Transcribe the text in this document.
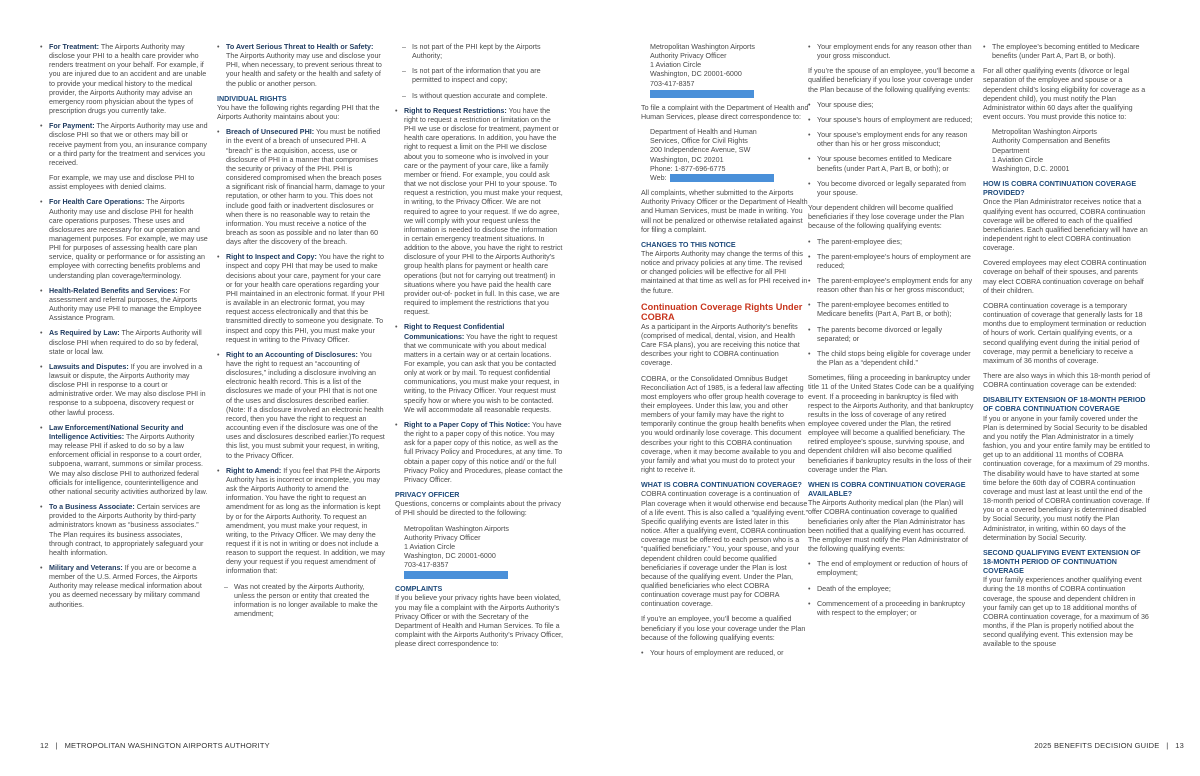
• For Treatment: The Airports Authority may disclose your PHI to a health care provider who renders treatment on your behalf. For example, if you are injured due to an accident and are unable to provide your medical history to the medical provider, the Airports Authority may advise an emergency room physician about the types of prescription drugs you currently take.
• For Payment: The Airports Authority may use and disclose PHI so that we or others may bill or receive payment from you, an insurance company or a third party for the treatment and services you received.

For example, we may use and disclose PHI to assist employees with denied claims.

• For Health Care Operations: The Airports Authority may use and disclose PHI for health care operations purposes. These uses and disclosures are necessary for our operation and management purposes. For example, we may use PHI for purposes of assessing health care plan service, quality or performance or for assisting an employee with correcting benefits problems and understanding plan coverage/terminology.
• Health-Related Benefits and Services: For assessment and referral purposes, the Airports Authority may use PHI to manage the Employee Assistance Program.
• As Required by Law: The Airports Authority will disclose PHI when required to do so by federal, state or local law.
• Lawsuits and Disputes: If you are involved in a lawsuit or dispute, the Airports Authority may disclose PHI in response to a court or administrative order. We may also disclose PHI in response to a subpoena, discovery request or other lawful process.
• Law Enforcement/National Security and Intelligence Activities: The Airports Authority may release PHI if asked to do so by a law enforcement official in response to a court order, subpoena, warrant, summons or similar process. We may also disclose PHI to authorized federal officials for intelligence, counterintelligence and other national security activities authorized by law.
• To a Business Associate: Certain services are provided to the Airports Authority by third-party administrators known as “business associates.” The Plan requires its business associates, through contract, to appropriately safeguard your health information.
• Military and Veterans: If you are or become a member of the U.S. Armed Forces, the Airports Authority may release medical information about you as deemed necessary by military command authorities.
• To Avert Serious Threat to Health or Safety: The Airports Authority may use and disclose your PHI, when necessary, to prevent serious threat to your health and safety or the health and safety of the public or another person.
INDIVIDUAL RIGHTS

You have the following rights regarding PHI that the Airports Authority maintains about you:

• Breach of Unsecured PHI: You must be notified in the event of a breach of unsecured PHI. A “breach” is the acquisition, access, use or disclosure of PHI in a manner that compromises the security or privacy of the PHI. PHI is considered compromised when the breach poses a significant risk of financial harm, damage to your reputation, or other harm to you. This does not include good faith or inadvertent disclosures or when there is no reasonable way to retain the information. You must receive a notice of the breach as soon as possible and no later than 60 days after the discovery of the breach.
• Right to Inspect and Copy: You have the right to inspect and copy PHI that may be used to make decisions about your care, payment for your care or for your health care operations regarding your PHI maintained in an electronic format. If your PHI is available in an electronic format, you may request access electronically and that this be transmitted directly to someone you designate. To inspect and copy this PHI, you must make your request in writing to the Privacy Officer.
• Right to an Accounting of Disclosures: You have the right to request an “accounting of disclosures,” including a disclosure involving an electronic health record. This is a list of the disclosures we made of your PHI that is not one of the uses and disclosures described earlier. (Note: If a disclosure involved an electronic health record, then you have the right to request an accounting even if the disclosure was one of the uses and disclosures described earlier.)To request this list, you must submit your request, in writing, to the Privacy Officer.
• Right to Amend: If you feel that PHI the Airports Authority has is incorrect or incomplete, you may ask the Airports Authority to amend the information. You have the right to request an amendment for as long as the information is kept by or for the Airports Authority. To request an amendment, you must make your request, in writing, to the Privacy Officer. We may deny the request if it is not in writing or does not include a reason to support the request. In addition, we may deny your request if you request amendment of information that:
– Was not created by the Airports Authority, unless the person or entity that created the information is no longer available to make the amendment;
– Is not part of the PHI kept by the Airports Authority;
– Is not part of the information that you are permitted to inspect and copy;
– Is without question accurate and complete.
• Right to Request Restrictions: You have the right to request a restriction or limitation on the PHI we use or disclose for treatment, payment or health care operations. In addition, you have the right to request a limit on the PHI we disclose about you to someone who is involved in your care or the payment of your care, like a family member or friend. For example, you could ask that we not disclose your PHI to your spouse. To request a restriction, you must make your request, in writing, to the Privacy Officer. We are not required to agree to your request. If we do agree, we will comply with your request unless the information is needed to disclose the information in certain emergency treatment situations. In addition to the above, you have the right to restrict disclosure of your PHI to the Airports Authority’s group health plans for payment or health care operations (but not for carrying out treatment) in situations where you have paid the health care provider out-of- pocket in full. In this case, we are required to implement the restrictions that you request.
• Right to Request Confidential Communications: You have the right to request that we communicate with you about medical matters in a certain way or at certain locations. For example, you can ask that you be contacted only at work or by mail. To request confidential communications, you must make your request, in writing, to the Privacy Officer. Your request must specify how or where you wish to be contacted. We will accommodate all reasonable requests.
• Right to a Paper Copy of This Notice: You have the right to a paper copy of this notice. You may ask for a paper copy of this notice, as well as the full Privacy Policy and Procedures, at any time. To obtain a paper copy of this notice and/ or the full Privacy Policy and Procedures, please contact the Privacy Officer.
PRIVACY OFFICER

Questions, concerns or complaints about the privacy of PHI should be directed to the following:

Metropolitan Washington Airports
Authority Privacy Officer
1 Aviation Circle
Washington, DC 20001-6000
703-417-8357
COMPLAINTS

If you believe your privacy rights have been violated, you may file a complaint with the Airports Authority’s Privacy Officer or with the Secretary of the Department of Health and Human Services. To file a complaint with the Airports Authority’s Privacy Officer, please direct correspondence to:

Metropolitan Washington Airports
Authority Privacy Officer
1 Aviation Circle
Washington, DC 20001-6000
703-417-8357

To file a complaint with the Department of Health and Human Services, please direct correspondence to:

Department of Health and Human
Services, Office for Civil Rights
200 Independence Avenue, SW
Washington, DC 20201
Phone: 1-877-696-6775
Web:

All complaints, whether submitted to the Airports Authority Privacy Officer or the Department of Health and Human Services, must be made in writing. You will not be penalized or otherwise retaliated against for filing a complaint.

CHANGES TO THIS NOTICE

The Airports Authority may change the terms of this notice and privacy policies at any time. The revised or changed policies will be effective for all PHI maintained at that time as well as for PHI received in the future.

Continuation Coverage Rights Under COBRA

As a participant in the Airports Authority’s benefits (comprised of medical, dental, vision, and Health Care FSA plans), you are receiving this notice that describes your right to COBRA continuation coverage.

COBRA, or the Consolidated Omnibus Budget Reconciliation Act of 1985, is a federal law affecting most employers who offer group health coverage to their employees. Under this law, you and other members of your family may have the right to temporarily continue the group health benefits when you would ordinarily lose coverage. This document describes your right to this COBRA continuation coverage, when it may become available to you and your family and what you must do to protect your right to receive it.

WHAT IS COBRA CONTINUATION COVERAGE?

COBRA continuation coverage is a continuation of Plan coverage when it would otherwise end because of a life event. This is also called a “qualifying event.” Specific qualifying events are listed later in this notice. After a qualifying event, COBRA continuation coverage must be offered to each person who is a “qualified beneficiary.” You, your spouse, and your dependent children could become qualified beneficiaries if coverage under the Plan is lost because of the qualifying event. Under the Plan, qualified beneficiaries who elect COBRA continuation coverage must pay for COBRA continuation coverage.

If you’re an employee, you’ll become a qualified beneficiary if you lose your coverage under the Plan because of the following qualifying events:

• Your hours of employment are reduced, or
• Your employment ends for any reason other than your gross misconduct.

If you’re the spouse of an employee, you’ll become a qualified beneficiary if you lose your coverage under the Plan because of the following qualifying events:

• Your spouse dies;
• Your spouse’s hours of employment are reduced;
• Your spouse’s employment ends for any reason other than his or her gross misconduct;
• Your spouse becomes entitled to Medicare benefits (under Part A, Part B, or both); or
• You become divorced or legally separated from your spouse.

Your dependent children will become qualified beneficiaries if they lose coverage under the Plan because of the following qualifying events:

• The parent-employee dies;
• The parent-employee’s hours of employment are reduced;
• The parent-employee’s employment ends for any reason other than his or her gross misconduct;
• The parent-employee becomes entitled to Medicare benefits (Part A, Part B, or both);
• The parents become divorced or legally separated; or
• The child stops being eligible for coverage under the Plan as a “dependent child.”

Sometimes, filing a proceeding in bankruptcy under title 11 of the United States Code can be a qualifying event. If a proceeding in bankruptcy is filed with respect to the Airports Authority, and that bankruptcy results in the loss of coverage of any retired employee covered under the Plan, the retired employee will become a qualified beneficiary. The retired employee’s spouse, surviving spouse, and dependent children will also become qualified beneficiaries if bankruptcy results in the loss of their coverage under the Plan.

WHEN IS COBRA CONTINUATION COVERAGE AVAILABLE?

The Airports Authority medical plan (the Plan) will offer COBRA continuation coverage to qualified beneficiaries only after the Plan Administrator has been notified that a qualifying event has occurred. The employer must notify the Plan Administrator of the following qualifying events:

• The end of employment or reduction of hours of employment;
• Death of the employee;
• Commencement of a proceeding in bankruptcy with respect to the employer; or
• The employee’s becoming entitled to Medicare benefits (under Part A, Part B, or both).

For all other qualifying events (divorce or legal separation of the employee and spouse or a dependent child’s losing eligibility for coverage as a dependent child), you must notify the Plan Administrator within 60 days after the qualifying event occurs. You must provide this notice to:

Metropolitan Washington Airports
Authority Compensation and Benefits
Department
1 Aviation Circle
Washington, D.C. 20001
HOW IS COBRA CONTINUATION COVERAGE PROVIDED?

Once the Plan Administrator receives notice that a qualifying event has occurred, COBRA continuation coverage will be offered to each of the qualified beneficiaries. Each qualified beneficiary will have an independent right to elect COBRA continuation coverage.

Covered employees may elect COBRA continuation coverage on behalf of their spouses, and parents may elect COBRA continuation coverage on behalf of their children.

COBRA continuation coverage is a temporary continuation of coverage that generally lasts for 18 months due to employment termination or reduction of hours of work. Certain qualifying events, or a second qualifying event during the initial period of coverage, may permit a beneficiary to receive a maximum of 36 months of coverage.

There are also ways in which this 18-month period of COBRA continuation coverage can be extended:

DISABILITY EXTENSION OF 18-MONTH PERIOD OF COBRA CONTINUATION COVERAGE

If you or anyone in your family covered under the Plan is determined by Social Security to be disabled and you notify the Plan Administrator in a timely fashion, you and your entire family may be entitled to get up to an additional 11 months of COBRA continuation coverage, for a maximum of 29 months. The disability would have to have started at some time before the 60th day of COBRA continuation coverage and must last at least until the end of the 18-month period of COBRA continuation coverage. If you or a covered beneficiary is determined disabled by Social Security, you must notify the Plan Administrator, in writing, within 60 days of the determination by Social Security.

SECOND QUALIFYING EVENT EXTENSION OF 18-MONTH PERIOD OF CONTINUATION COVERAGE

If your family experiences another qualifying event during the 18 months of COBRA continuation coverage, the spouse and dependent children in your family can get up to 18 additional months of COBRA continuation coverage, for a maximum of 36 months, if the Plan is properly notified about the second qualifying event. This extension may be available to the spouse

12   |   METROPOLITAN WASHINGTON AIRPORTS AUTHORITY	2025 BENEFITS DECISION GUIDE   |   13
